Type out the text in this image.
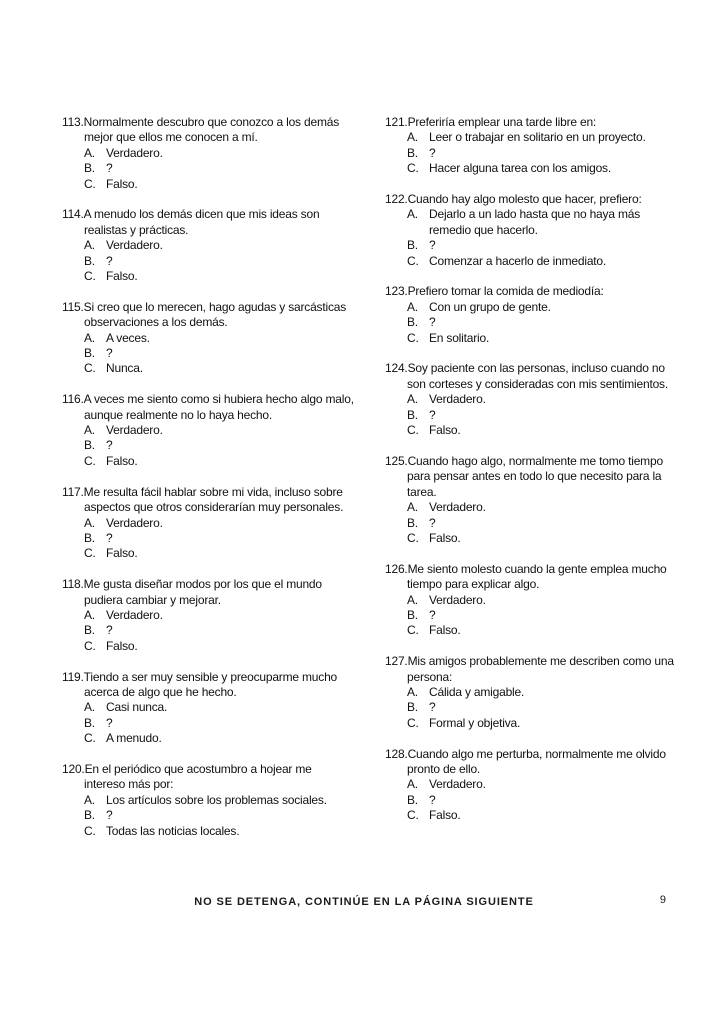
113.Normalmente descubro que conozco a los demás mejor que ellos me conocen a mí.
A. Verdadero.
B. ?
C. Falso.
114.A menudo los demás dicen que mis ideas son realistas y prácticas.
A. Verdadero.
B. ?
C. Falso.
115.Si creo que lo merecen, hago agudas y sarcásticas observaciones a los demás.
A. A veces.
B. ?
C. Nunca.
116.A veces me siento como si hubiera hecho algo malo, aunque realmente no lo haya hecho.
A. Verdadero.
B. ?
C. Falso.
117.Me resulta fácil hablar sobre mi vida, incluso sobre aspectos que otros considerarían muy personales.
A. Verdadero.
B. ?
C. Falso.
118.Me gusta diseñar modos por los que el mundo pudiera cambiar y mejorar.
A. Verdadero.
B. ?
C. Falso.
119.Tiendo a ser muy sensible y preocuparme mucho acerca de algo que he hecho.
A. Casi nunca.
B. ?
C. A menudo.
120.En el periódico que acostumbro a hojear me intereso más por:
A. Los artículos sobre los problemas sociales.
B. ?
C. Todas las noticias locales.
121.Preferiría emplear una tarde libre en:
A. Leer o trabajar en solitario en un proyecto.
B. ?
C. Hacer alguna tarea con los amigos.
122.Cuando hay algo molesto que hacer, prefiero:
A. Dejarlo a un lado hasta que no haya más remedio que hacerlo.
B. ?
C. Comenzar a hacerlo de inmediato.
123.Prefiero tomar la comida de mediodía:
A. Con un grupo de gente.
B. ?
C. En solitario.
124.Soy paciente con las personas, incluso cuando no son corteses y consideradas con mis sentimientos.
A. Verdadero.
B. ?
C. Falso.
125.Cuando hago algo, normalmente me tomo tiempo para pensar antes en todo lo que necesito para la tarea.
A. Verdadero.
B. ?
C. Falso.
126.Me siento molesto cuando la gente emplea mucho tiempo para explicar algo.
A. Verdadero.
B. ?
C. Falso.
127.Mis amigos probablemente me describen como una persona:
A. Cálida y amigable.
B. ?
C. Formal y objetiva.
128.Cuando algo me perturba, normalmente me olvido pronto de ello.
A. Verdadero.
B. ?
C. Falso.
NO SE DETENGA, CONTINÚE EN LA PÁGINA SIGUIENTE	9
